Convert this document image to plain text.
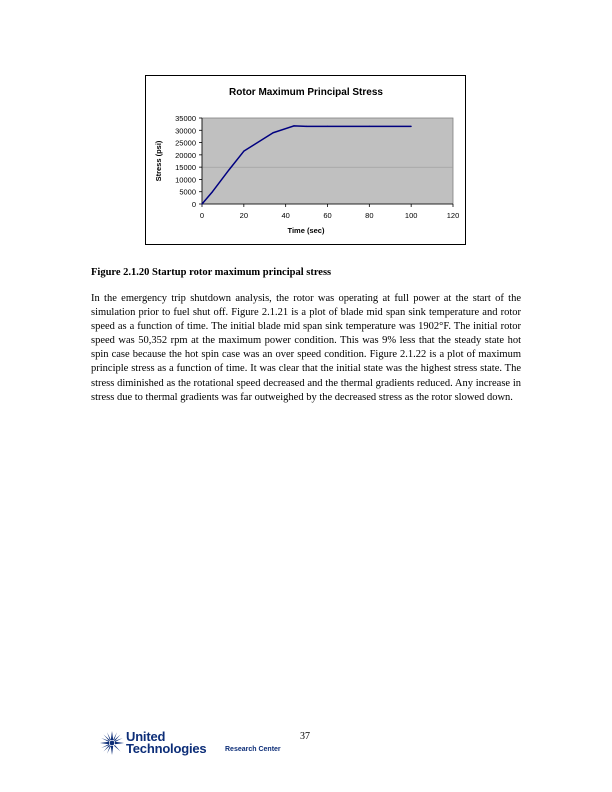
Rotor Maximum Principal Stress
0
5000
10000
15000
20000
25000
30000
35000
0	20	40	60	80	100	120
Time (sec)
Stress (psi)
Figure 2.1.20 Startup rotor maximum principal stress

In the emergency trip shutdown analysis, the rotor was operating at full power at the start of the simulation prior to fuel shut off. Figure 2.1.21 is a plot of blade mid span sink temperature and rotor speed as a function of time. The initial blade mid span sink temperature was 1902°F. The initial rotor speed was 50,352 rpm at the maximum power condition. This was 9% less that the steady state hot spin case because the hot spin case was an over speed condition. Figure 2.1.22 is a plot of maximum principle stress as a function of time. It was clear that the initial state was the highest stress state. The stress diminished as the rotational speed decreased and the thermal gradients reduced. Any increase in stress due to thermal gradients was far outweighed by the decreased stress as the rotor slowed down.

37
United
Technologies	Research Center
